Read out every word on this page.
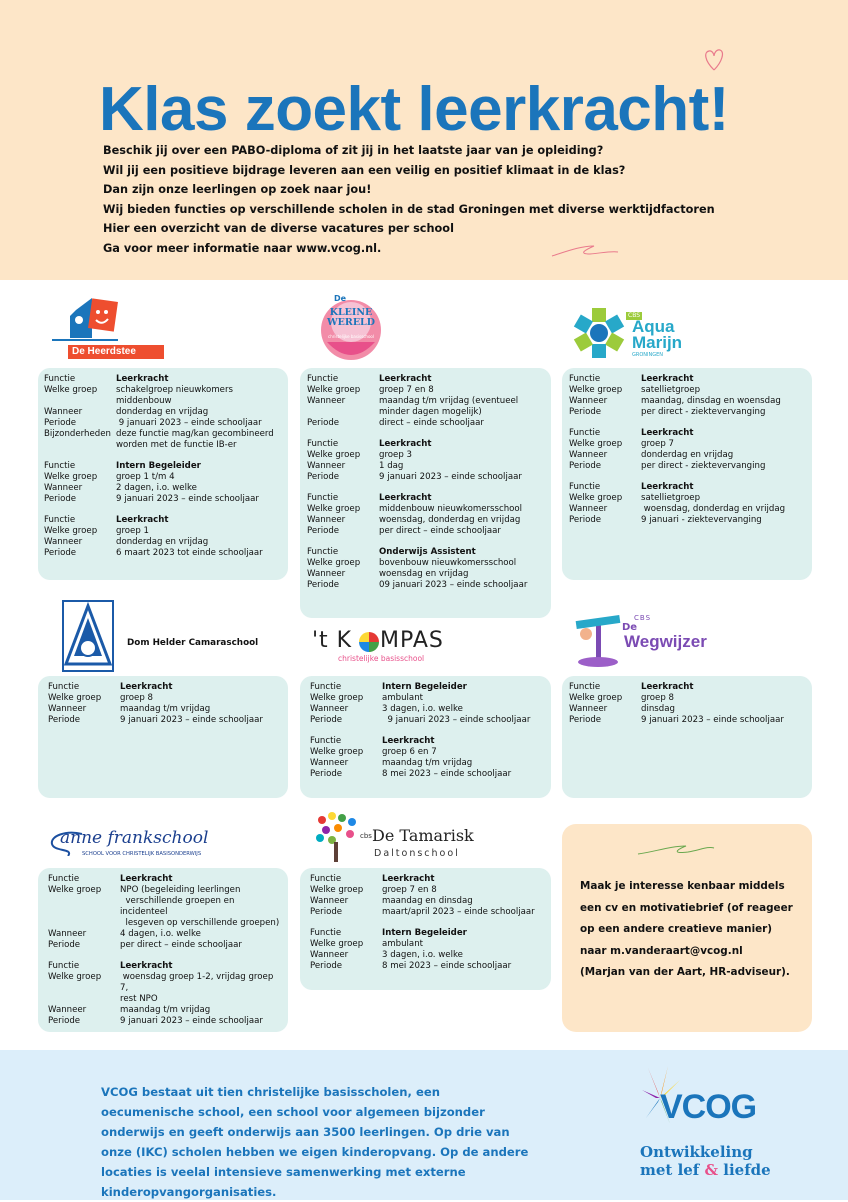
Klas zoekt leerkracht!
Beschik jij over een PABO-diploma of zit jij in het laatste jaar van je opleiding?
Wil jij een positieve bijdrage leveren aan een veilig en positief klimaat in de klas?
Dan zijn onze leerlingen op zoek naar jou!
Wij bieden functies op verschillende scholen in de stad Groningen met diverse werktijdfactoren
Hier een overzicht van de diverse vacatures per school
Ga voor meer informatie naar www.vcog.nl.
De Heerdstee
De
KLEINE WERELD
christelijke basisschool
CBS
Aqua
Marijn
GRONINGEN
Dom Helder Camaraschool 't K MPAS
christelijke basisschool
CBS
De
Wegwijzer
anne frankschool
SCHOOL VOOR CHRISTELIJK BASISONDERWIJS
cbs De Tamarisk
Daltonschool
Functie	Leerkracht
Welke groep	schakelgroep nieuwkomers middenbouw
Wanneer	donderdag en vrijdag
Periode	9 januari 2023 – einde schooljaar
Bijzonderheden deze functie mag/kan gecombineerd
worden met de functie IB-er
Functie	Intern Begeleider
Welke groep	groep 1 t/m 4
Wanneer	2 dagen, i.o. welke
Periode	9 januari 2023 – einde schooljaar
Functie	Leerkracht
Welke groep	groep 1
Wanneer	donderdag en vrijdag
Periode	6 maart 2023 tot einde schooljaar
Functie	Leerkracht
Welke groep	groep 7 en 8
Wanneer	maandag t/m vrijdag (eventueel
minder dagen mogelijk)
Periode	direct – einde schooljaar
Functie	Leerkracht
Welke groep	groep 3
Wanneer	1 dag
Periode	9 januari 2023 – einde schooljaar
Functie	Leerkracht
Welke groep	middenbouw nieuwkomersschool
Wanneer	woensdag, donderdag en vrijdag
Periode	per direct – einde schooljaar
Functie	Onderwijs Assistent
Welke groep	bovenbouw nieuwkomersschool
Wanneer	woensdag en vrijdag
Periode	09 januari 2023 – einde schooljaar
Functie	Leerkracht
Welke groep	satellietgroep
Wanneer	maandag, dinsdag en woensdag
Periode	per direct - ziektevervanging
Functie	Leerkracht
Welke groep	groep 7
Wanneer	donderdag en vrijdag
Periode	per direct - ziektevervanging
Functie	Leerkracht
Welke groep	satellietgroep
Wanneer	woensdag, donderdag en vrijdag
Periode	9 januari - ziektevervanging
Functie	Leerkracht
Welke groep	groep 8
Wanneer	maandag t/m vrijdag
Periode	9 januari 2023 – einde schooljaar
Functie	Intern Begeleider
Welke groep	ambulant
Wanneer	3 dagen, i.o. welke
Periode	9 januari 2023 – einde schooljaar
Functie	Leerkracht
Welke groep	groep 6 en 7
Wanneer	maandag t/m vrijdag
Periode	8 mei 2023 – einde schooljaar
Functie	Leerkracht
Welke groep	groep 8
Wanneer	dinsdag
Periode	9 januari 2023 – einde schooljaar
Functie	Leerkracht
Welke groep	NPO (begeleiding leerlingen
verschillende groepen en incidenteel
lesgeven op verschillende groepen)
Wanneer	4 dagen, i.o. welke
Periode	per direct – einde schooljaar
Functie	Leerkracht
Welke groep	woensdag groep 1-2, vrijdag groep 7,
rest NPO
Wanneer	maandag t/m vrijdag
Periode	9 januari 2023 – einde schooljaar
Functie	Leerkracht
Welke groep	groep 7 en 8
Wanneer	maandag en dinsdag
Periode	maart/april 2023 – einde schooljaar
Functie	Intern Begeleider
Welke groep	ambulant
Wanneer	3 dagen, i.o. welke
Periode	8 mei 2023 – einde schooljaar

Maak je interesse kenbaar middels
een cv en motivatiebrief (of reageer
op een andere creatieve manier)
naar m.vanderaart@vcog.nl
(Marjan van der Aart, HR-adviseur).

VCOG bestaat uit tien christelijke basisscholen, een oecumenische school, een school voor algemeen bijzonder onderwijs en geeft onderwijs aan 3500 leerlingen. Op drie van onze (IKC) scholen hebben we eigen kinderopvang. Op de andere locaties is veelal intensieve samenwerking met externe kinderopvangorganisaties.

VCOG
Ontwikkeling
met lef & liefde
